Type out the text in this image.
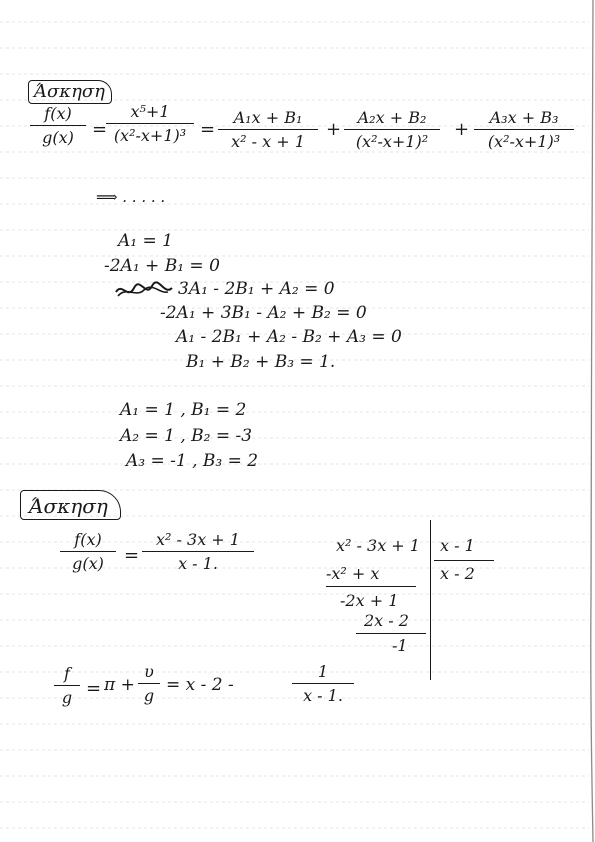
Άσκηση
f(x)
g(x)	=
x⁵+1
(x²-x+1)³ =
A₁x + B₁
x² - x + 1
+
A₂x + B₂
(x²-x+1)²
+
A₃x + B₃
(x²-x+1)³
⟹ . . . . .
A₁ = 1
-2A₁ + B₁ = 0
3A₁ - 2B₁ + A₂ = 0
-2A₁ + 3B₁ - A₂ + B₂ = 0
A₁ - 2B₁ + A₂ - B₂ + A₃ = 0
B₁ + B₂ + B₃ = 1.
A₁ = 1 , B₁ = 2
A₂ = 1 , B₂ = -3
A₃ = -1 , B₃ = 2
Άσκηση
f(x)
g(x)	=
x² - 3x + 1
x - 1.
x² - 3x + 1 x - 1
x - 2
-x² + x
-2x + 1
2x - 2
-1
f
g = π +
υ
g
= x - 2 -
1
x - 1.
